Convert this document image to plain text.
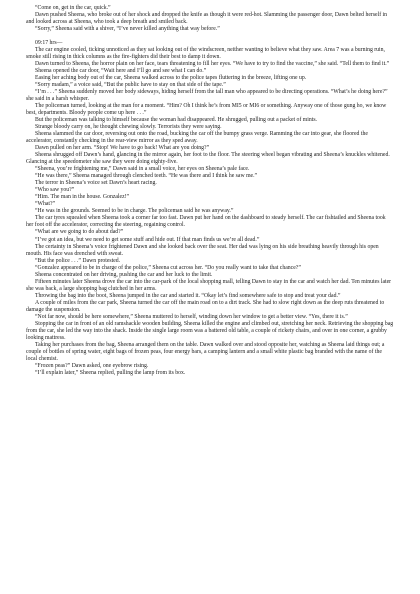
“Come on, get in the car, quick.”

Dawn pushed Sheena, who broke out of her shock and dropped the knife as though it were red-hot. Slamming the passenger door, Dawn belted herself in and looked across at Sheena, who took a deep breath and smiled back.

“Sorry,” Sheena said with a shiver, “I’ve never killed anything that way before.”

09:17 hrs—

The car engine cooled, ticking unnoticed as they sat looking out of the windscreen, neither wanting to believe what they saw. Area 7 was a burning ruin, smoke still rising in thick columns as the fire-fighters did their best to damp it down.

Dawn turned to Sheena, the horror plain on her face, tears threatening to fill her eyes. “We have to try to find the vaccine,” she said. “Tell them to find it.”

Sheena opened the car door, “Wait here and I’ll go and see what I can do.”

Easing her aching body out of the car, Sheena walked across to the police tapes fluttering in the breeze, lifting one up.

“Sorry madam,” a voice said, “But the public have to stay on that side of the tape.”

“I’m . . .” Sheena suddenly moved her body sideways, hiding herself from the tall man who appeared to be directing operations. “What’s he doing here?” she said in a harsh whisper.

The policeman turned, looking at the man for a moment. “Him? Oh I think he’s from MI5 or MI6 or something. Anyway one of those gung ho, we know best, departments. Bloody people come up here . . .”

But the policeman was talking to himself because the woman had disappeared. He shrugged, pulling out a packet of mints.

Strange bloody carry on, he thought chewing slowly. Terrorists they were saying.

Sheena slammed the car door, reversing out onto the road, bucking the car off the bumpy grass verge. Ramming the car into gear, she floored the accelerator, constantly checking in the rear-view mirror as they sped away.

Dawn pulled on her arm. “Stop! We have to go back! What are you doing?”

Sheena shrugged off Dawn’s hand, glancing in the mirror again, her foot to the floor. The steering wheel began vibrating and Sheena’s knuckles whitened. Glancing at the speedometer she saw they were doing eighty-five.

“Sheena, you’re frightening me,” Dawn said in a small voice, her eyes on Sheena’s pale face.

“He was there,” Sheena managed through clenched teeth. “He was there and I think he saw me.”

The terror in Sheena’s voice set Dawn’s heart racing.

“Who saw you?”

“Him. The man in the house. Gonzalez!”

“What?”

“He was in the grounds. Seemed to be in charge. The policeman said he was anyway.”

The car tyres squealed when Sheena took a corner far too fast. Dawn put her hand on the dashboard to steady herself. The car fishtailed and Sheena took her foot off the accelerator, correcting the steering, regaining control.

“What are we going to do about dad?”

“I’ve got an idea, but we need to get some stuff and hide out. If that man finds us we’re all dead.”

The certainty in Sheena’s voice frightened Dawn and she looked back over the seat. Her dad was lying on his side breathing heavily through his open mouth. His face was drenched with sweat.

“But the police . . .” Dawn protested.

“Gonzalez appeared to be in charge of the police,” Sheena cut across her. “Do you really want to take that chance?”

Sheena concentrated on her driving, pushing the car and her luck to the limit.

Fifteen minutes later Sheena drove the car into the car-park of the local shopping mall, telling Dawn to stay in the car and watch her dad. Ten minutes later she was back, a large shopping bag clutched in her arms.

Throwing the bag into the boot, Sheena jumped in the car and started it. “Okay let’s find somewhere safe to stop and treat your dad.”

A couple of miles from the car park, Sheena turned the car off the main road on to a dirt track. She had to slow right down as the deep ruts threatened to damage the suspension.

“Not far now, should be here somewhere,” Sheena muttered to herself, winding down her window to get a better view. “Yes, there it is.”

Stopping the car in front of an old ramshackle wooden building, Sheena killed the engine and climbed out, stretching her neck. Retrieving the shopping bag from the car, she led the way into the shack. Inside the single large room was a battered old table, a couple of rickety chairs, and over in one corner, a grubby looking mattress.

Taking her purchases from the bag, Sheena arranged them on the table. Dawn walked over and stood opposite her, watching as Sheena laid things out; a couple of bottles of spring water, eight bags of frozen peas, four energy bars, a camping lantern and a small white plastic bag branded with the name of the local chemist.

“Frozen peas?” Dawn asked, one eyebrow rising.

“I’ll explain later,” Sheena replied, pulling the lamp from its box.
